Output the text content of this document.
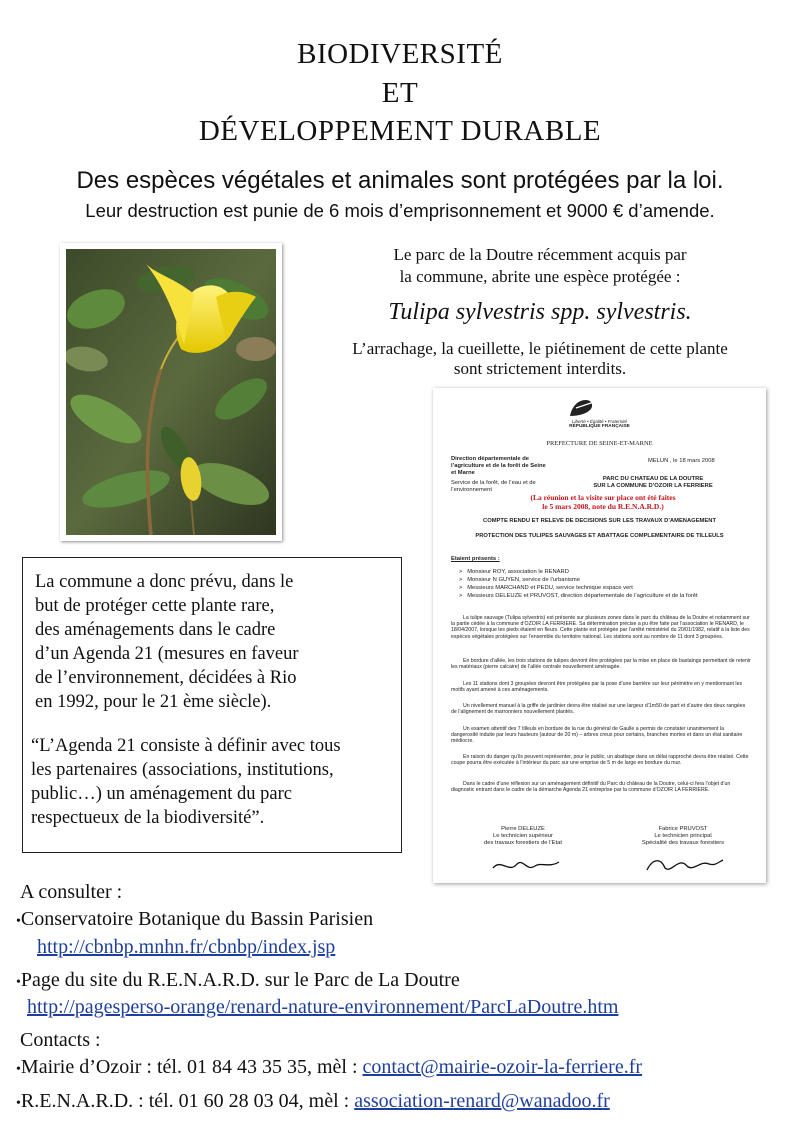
BIODIVERSITÉ
ET
DÉVELOPPEMENT DURABLE
Des espèces végétales et animales sont protégées par la loi.
Leur destruction est punie de 6 mois d’emprisonnement et 9000 € d’amende.
Le parc de la Doutre récemment acquis par
la commune, abrite une espèce protégée :
Tulipa sylvestris spp. sylvestris.
L’arrachage, la cueillette, le piétinement de cette plante
sont strictement interdits.
Liberté • Égalité • Fraternité
RÉPUBLIQUE FRANÇAISE
PREFECTURE DE SEINE-ET-MARNE
Direction départementale de l’agriculture et de la forêt de Seine et Marne
Service de la forêt, de l’eau et de l’environnement
MELUN , le 18 mars 2008
PARC DU CHATEAU DE LA DOUTRE
SUR LA COMMUNE D’OZOIR LA FERRIERE
(La réunion et la visite sur place ont été faites
le 5 mars 2008, note du R.E.N.A.R.D.)
COMPTE RENDU ET RELEVE DE DECISIONS SUR LES TRAVAUX D’AMENAGEMENT
PROTECTION DES TULIPES SAUVAGES ET ABATTAGE COMPLEMENTAIRE DE TILLEULS
Etaient présents :
>   Monsieur ROY, association le RENARD
>   Monsieur N GUYEN, service de l’urbanisme
>   Messieurs MARCHAND et PEDU, service technique espace vert
>   Messieurs DELEUZE et PRUVOST, direction départementale de l’agriculture et de la forêt
La tulipe sauvage (Tulipa sylvestris) est présente sur plusieurs zones dans le parc du château de la Doutre et notamment sur la partie cédée à la commune d’OZOIR LA FERRIERE. Sa détermination précise a pu être faite par l’association le RENARD, le 18/04/2007, lorsque les pieds étaient en fleurs. Cette plante est protégée par l’arrêté ministériel du 20/01/1982, relatif à la liste des espèces végétales protégées sur l’ensemble du territoire national. Les stations sont au nombre de 11 dont 3 groupées.
En bordure d’allée, les trois stations de tulipes devront être protégées par la mise en place de bastaings permettant de retenir les matériaux (pierre calcaire) de l’allée centrale nouvellement aménagée.
Les 11 stations dont 3 groupées devront être protégées par la pose d’une barrière sur leur périmètre en y mentionnant les motifs ayant amené à ces aménagements.
Un nivellement manuel à la griffe de jardinier devra être réalisé sur une largeur d’1m50 de part et d’autre des deux rangées de l’alignement de marronniers nouvellement plantés.
Un examen attentif des 7 tilleuls en bordure de la rue du général de Gaulle a permis de constater unanimement la dangerosité induite par leurs hauteurs (autour de 20 m) – arbres creux pour certains, branches mortes et dans un état sanitaire médiocre.
En raison du danger qu’ils peuvent représenter, pour le public, un abattage dans un délai rapproché devra être réalisé. Cette coupe pourra être exécutée à l’intérieur du parc sur une emprise de 5 m de large en bordure du mur.
Dans le cadre d’une réflexion sur un aménagement définitif du Parc du château de la Doutre, celui-ci fera l’objet d’un diagnostic entrant dans le cadre de la démarche Agenda 21 entreprise par la commune d’OZOIR LA FERRIERE.
Pierre DELEUZE
Le technicien supérieur
des travaux forestiers de l’Etat
Fabrice PRUVOST
Le technicien principal
Spécialité des travaux forestiers
La commune a donc prévu, dans le
but de protéger cette plante rare,
des aménagements dans le cadre
d’un Agenda 21 (mesures en faveur
de l’environnement, décidées à Rio
en 1992, pour le 21 ème siècle).
“L’Agenda 21 consiste à définir avec tous
les partenaires (associations, institutions,
public…) un aménagement du parc
respectueux de la biodiversité”.
A consulter :
•Conservatoire Botanique du Bassin Parisien
http://cbnbp.mnhn.fr/cbnbp/index.jsp
•Page du site du R.E.N.A.R.D. sur le Parc de La Doutre
http://pagesperso-orange/renard-nature-environnement/ParcLaDoutre.htm
Contacts :
•Mairie d’Ozoir : tél. 01 84 43 35 35, mèl : contact@mairie-ozoir-la-ferriere.fr
•R.E.N.A.R.D. : tél. 01 60 28 03 04, mèl : association-renard@wanadoo.fr
